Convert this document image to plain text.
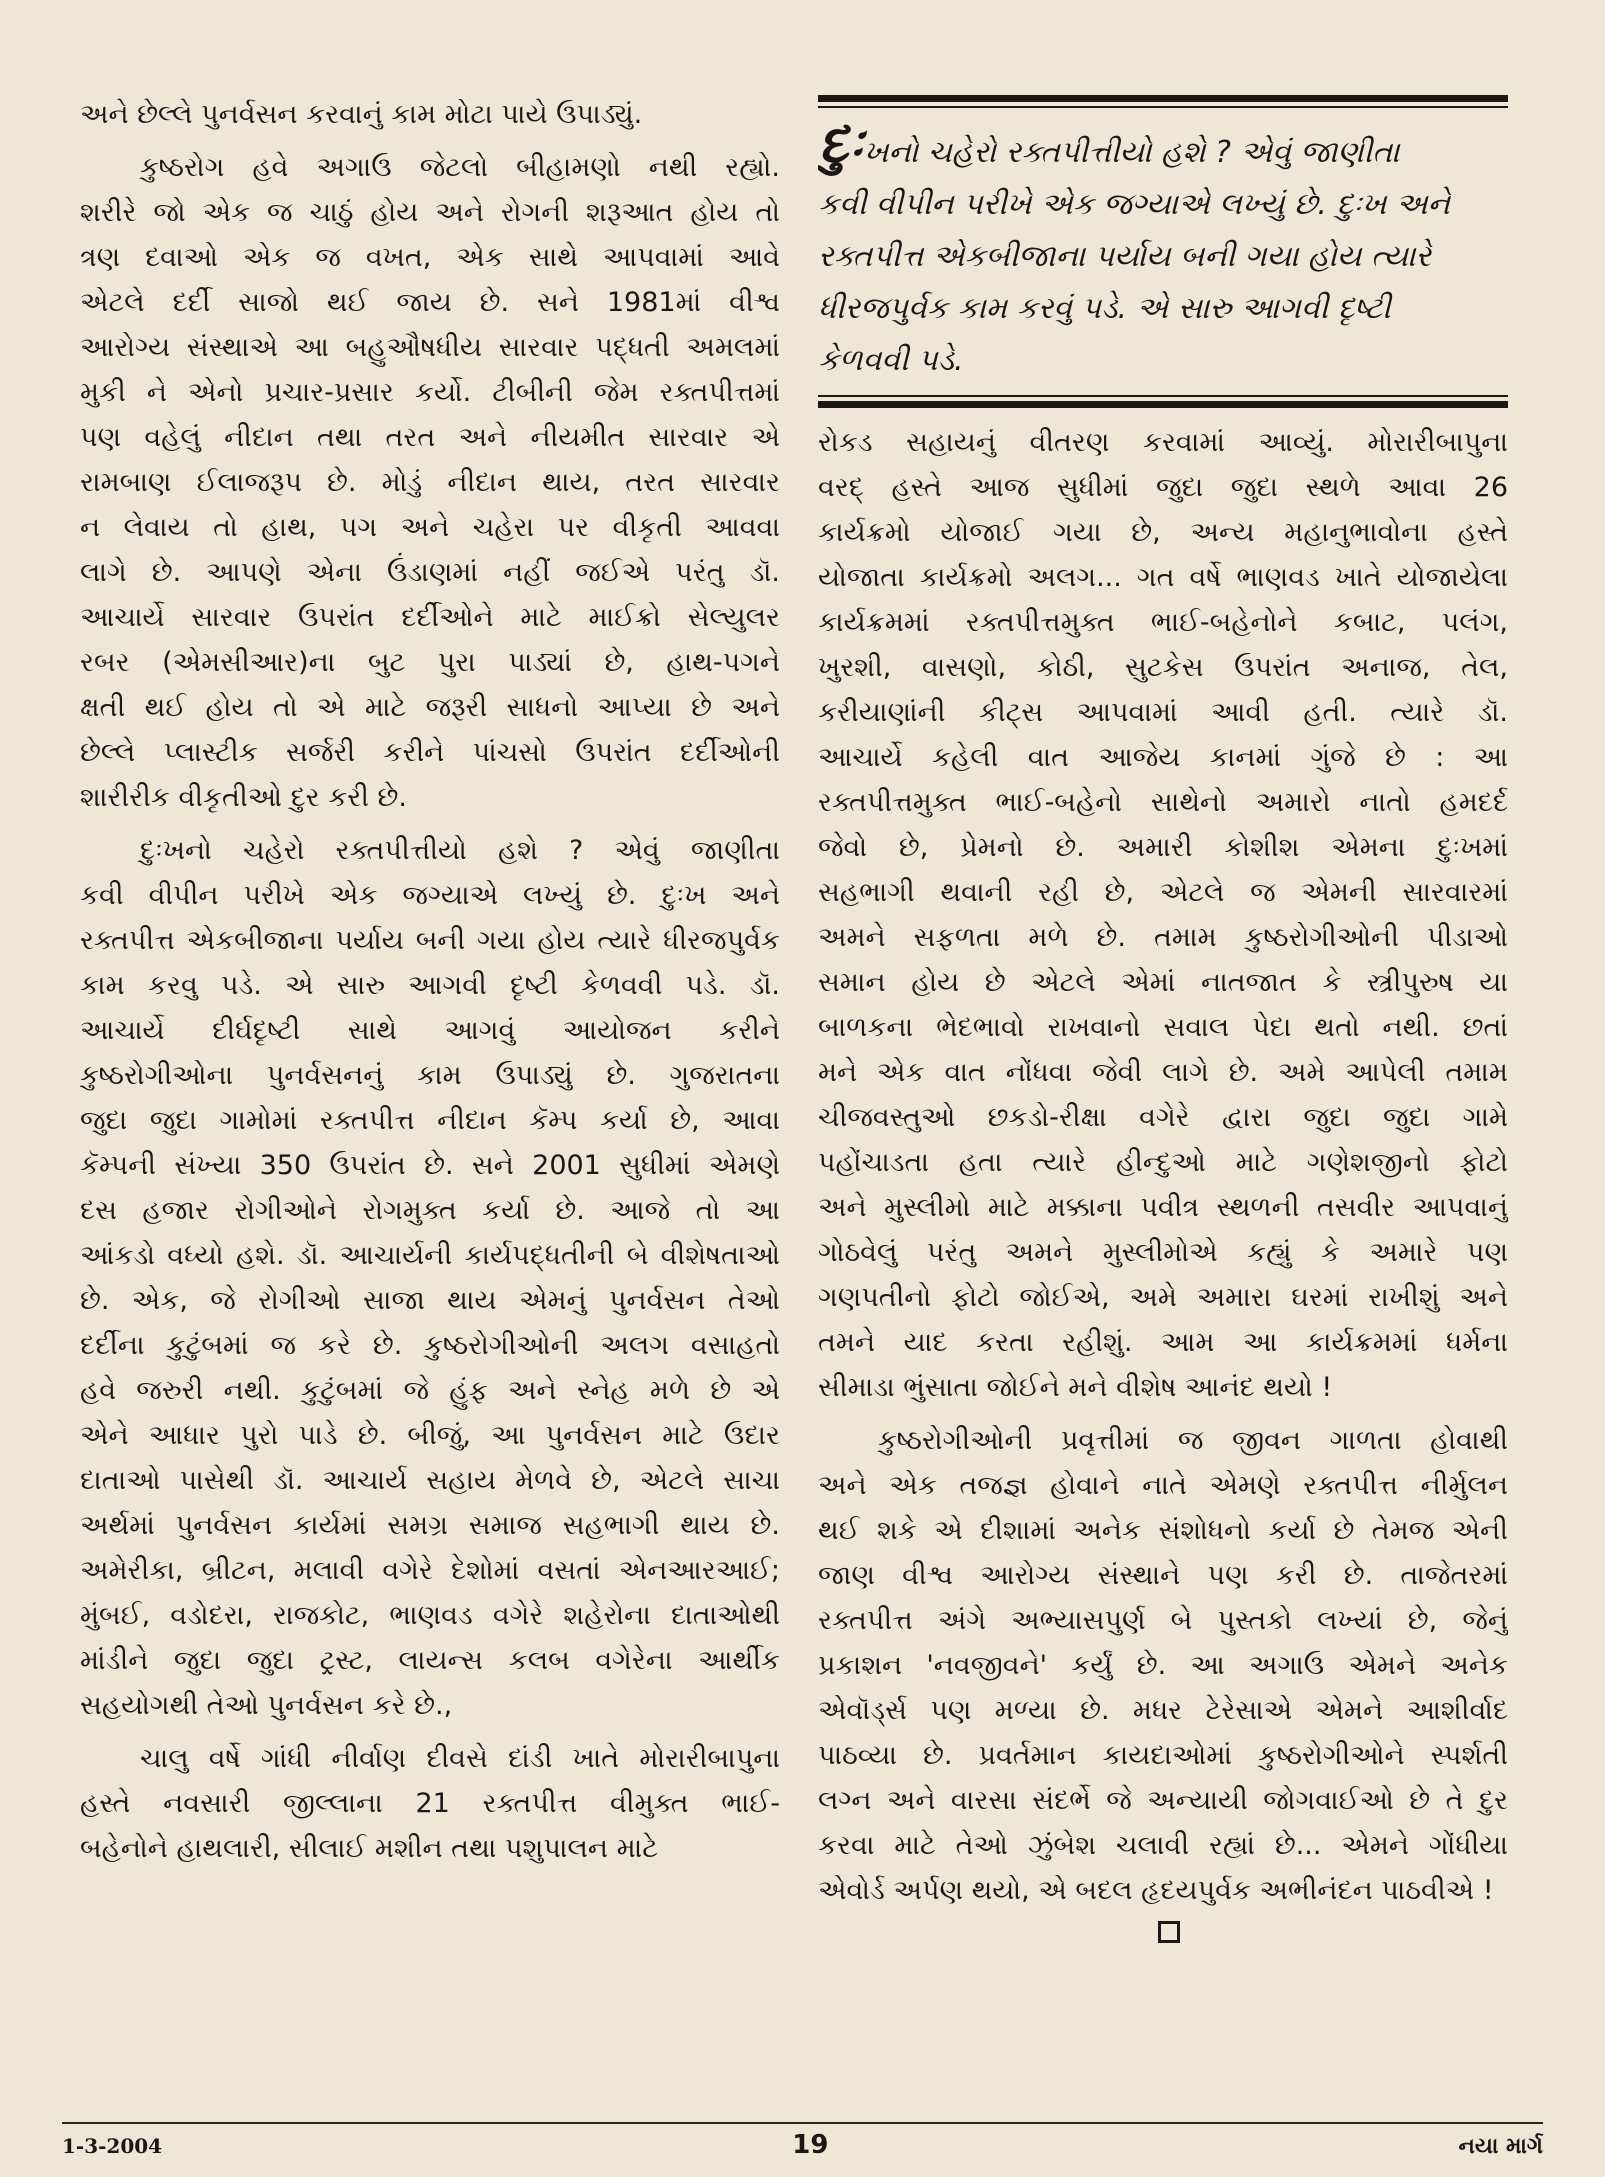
અને છેલ્લે પુનર્વસન કરવાનું કામ મોટા પાયે ઉપાડ્યું.
કુષ્ઠરોગ હવે અગાઉ જેટલો બીહામણો નથી રહ્યો.
શરીરે જો એક જ ચાઠું હોય અને રોગની શરૂઆત હોય તો
ત્રણ દવાઓ એક જ વખત, એક સાથે આપવામાં આવે
એટલે દર્દી સાજો થઈ જાય છે. સને 1981માં વીશ્વ
આરોગ્ય સંસ્થાએ આ બહુઔષધીય સારવાર પદ્ધતી અમલમાં
મુકી ને એનો પ્રચાર-પ્રસાર કર્યો. ટીબીની જેમ રક્તપીત્તમાં
પણ વહેલું નીદાન તથા તરત અને નીયમીત સારવાર એ
રામબાણ ઈલાજરૂપ છે. મોડું નીદાન થાય, તરત સારવાર
ન લેવાય તો હાથ, પગ અને ચહેરા પર વીકૃતી આવવા
લાગે છે. આપણે એના ઉંડાણમાં નહીં જઈએ પરંતુ ડૉ.
આચાર્યે સારવાર ઉપરાંત દર્દીઓને માટે માઈક્રો સેલ્યુલર
રબર (એમસીઆર)ના બુટ પુરા પાડ્યાં છે, હાથ-પગને
ક્ષતી થઈ હોય તો એ માટે જરૂરી સાધનો આપ્યા છે અને
છેલ્લે પ્લાસ્ટીક સર્જરી કરીને પાંચસો ઉપરાંત દર્દીઓની
શારીરીક વીકૃતીઓ દુર કરી છે.
દુઃખનો ચહેરો રક્તપીત્તીયો હશે ? એવું જાણીતા
કવી વીપીન પરીખે એક જગ્યાએ લખ્યું છે. દુઃખ અને
રક્તપીત્ત એકબીજાના પર્યાય બની ગયા હોય ત્યારે ધીરજપુર્વક
કામ કરવુ પડે. એ સારુ આગવી દૃષ્ટી કેળવવી પડે. ડૉ.
આચાર્યે દીર્ઘદૃષ્ટી સાથે આગવું આયોજન કરીને
કુષ્ઠરોગીઓના પુનર્વસનનું કામ ઉપાડ્યું છે. ગુજરાતના
જુદા જુદા ગામોમાં રક્તપીત્ત નીદાન કૅમ્પ કર્યા છે, આવા
કૅમ્પની સંખ્યા 350 ઉપરાંત છે. સને 2001 સુધીમાં એમણે
દસ હજાર રોગીઓને રોગમુક્ત કર્યા છે. આજે તો આ
આંકડો વધ્યો હશે. ડૉ. આચાર્યની કાર્યપદ્ધતીની બે વીશેષતાઓ
છે. એક, જે રોગીઓ સાજા થાય એમનું પુનર્વસન તેઓ
દર્દીના કુટુંબમાં જ કરે છે. કુષ્ઠરોગીઓની અલગ વસાહતો
હવે જરુરી નથી. કુટુંબમાં જે હુંફ અને સ્નેહ મળે છે એ
એને આધાર પુરો પાડે છે. બીજું, આ પુનર્વસન માટે ઉદાર
દાતાઓ પાસેથી ડૉ. આચાર્ય સહાય મેળવે છે, એટલે સાચા
અર્થમાં પુનર્વસન કાર્યમાં સમગ્ર સમાજ સહભાગી થાય છે.
અમેરીકા, બ્રીટન, મલાવી વગેરે દેશોમાં વસતાં એનઆરઆઈ;
મુંબઈ, વડોદરા, રાજકોટ, ભાણવડ વગેરે શહેરોના દાતાઓથી
માંડીને જુદા જુદા ટ્રસ્ટ, લાયન્સ કલબ વગેરેના આર્થીક
સહયોગથી તેઓ પુનર્વસન કરે છે.,
ચાલુ વર્ષે ગાંધી નીર્વાણ દીવસે દાંડી ખાતે મોરારીબાપુના
હસ્તે નવસારી જીલ્લાના 21 રક્તપીત્ત વીમુક્ત ભાઈ-
બહેનોને હાથલારી, સીલાઈ મશીન તથા પશુપાલન માટે
દુઃખનો ચહેરો રક્તપીત્તીયો હશે ? એવું જાણીતા
કવી વીપીન પરીખે એક જગ્યાએ લખ્યું છે. દુઃખ અને
રક્તપીત્ત એકબીજાના પર્યાય બની ગયા હોય ત્યારે
ધીરજપુર્વક કામ કરવું પડે. એ સારુ આગવી દૃષ્ટી
કેળવવી પડે.
રોકડ સહાયનું વીતરણ કરવામાં આવ્યું. મોરારીબાપુના
વરદ્ હસ્તે આજ સુધીમાં જુદા જુદા સ્થળે આવા 26
કાર્યક્રમો યોજાઈ ગયા છે, અન્ય મહાનુભાવોના હસ્તે
યોજાતા કાર્યક્રમો અલગ... ગત વર્ષે ભાણવડ ખાતે યોજાયેલા
કાર્યક્રમમાં રક્તપીત્તમુક્ત ભાઈ-બહેનોને કબાટ, પલંગ,
ખુરશી, વાસણો, કોઠી, સુટકેસ ઉપરાંત અનાજ, તેલ,
કરીયાણાંની કીટ્સ આપવામાં આવી હતી. ત્યારે ડૉ.
આચાર્યે કહેલી વાત આજેય કાનમાં ગુંજે છે : આ
રક્તપીત્તમુક્ત ભાઈ-બહેનો સાથેનો અમારો નાતો હમદર્દ
જેવો છે, પ્રેમનો છે. અમારી કોશીશ એમના દુઃખમાં
સહભાગી થવાની રહી છે, એટલે જ એમની સારવારમાં
અમને સફળતા મળે છે. તમામ કુષ્ઠરોગીઓની પીડાઓ
સમાન હોય છે એટલે એમાં નાતજાત કે સ્ત્રીપુરુષ યા
બાળકના ભેદભાવો રાખવાનો સવાલ પેદા થતો નથી. છતાં
મને એક વાત નોંધવા જેવી લાગે છે. અમે આપેલી તમામ
ચીજવસ્તુઓ છકડો-રીક્ષા વગેરે દ્વારા જુદા જુદા ગામે
પહોંચાડતા હતા ત્યારે હીન્દુઓ માટે ગણેશજીનો ફોટો
અને મુસ્લીમો માટે મક્કાના પવીત્ર સ્થળની તસવીર આપવાનું
ગોઠવેલું પરંતુ અમને મુસ્લીમોએ કહ્યું કે અમારે પણ
ગણપતીનો ફોટો જોઈએ, અમે અમારા ઘરમાં રાખીશું અને
તમને યાદ કરતા રહીશું. આમ આ કાર્યક્રમમાં ધર્મના
સીમાડા ભુંસાતા જોઈને મને વીશેષ આનંદ થયો !
કુષ્ઠરોગીઓની પ્રવૃત્તીમાં જ જીવન ગાળતા હોવાથી
અને એક તજજ્ઞ હોવાને નાતે એમણે રક્તપીત્ત નીર્મુલન
થઈ શકે એ દીશામાં અનેક સંશોધનો કર્યા છે તેમજ એની
જાણ વીશ્વ આરોગ્ય સંસ્થાને પણ કરી છે. તાજેતરમાં
રક્તપીત્ત અંગે અભ્યાસપુર્ણ બે પુસ્તકો લખ્યાં છે, જેનું
પ્રકાશન 'નવજીવને' કર્યું છે. આ અગાઉ એમને અનેક
એવૉર્ડ્સ પણ મળ્યા છે. મધર ટેરેસાએ એમને આશીર્વાદ
પાઠવ્યા છે. પ્રવર્તમાન કાયદાઓમાં કુષ્ઠરોગીઓને સ્પર્શતી
લગ્ન અને વારસા સંદર્ભે જે અન્યાયી જોગવાઈઓ છે તે દુર
કરવા માટે તેઓ ઝુંબેશ ચલાવી રહ્યાં છે... એમને ગોંધીયા
એવોર્ડ અર્પણ થયો, એ બદલ હૃદયપુર્વક અભીનંદન પાઠવીએ !
1-3-2004	19	નયા માર્ગ
